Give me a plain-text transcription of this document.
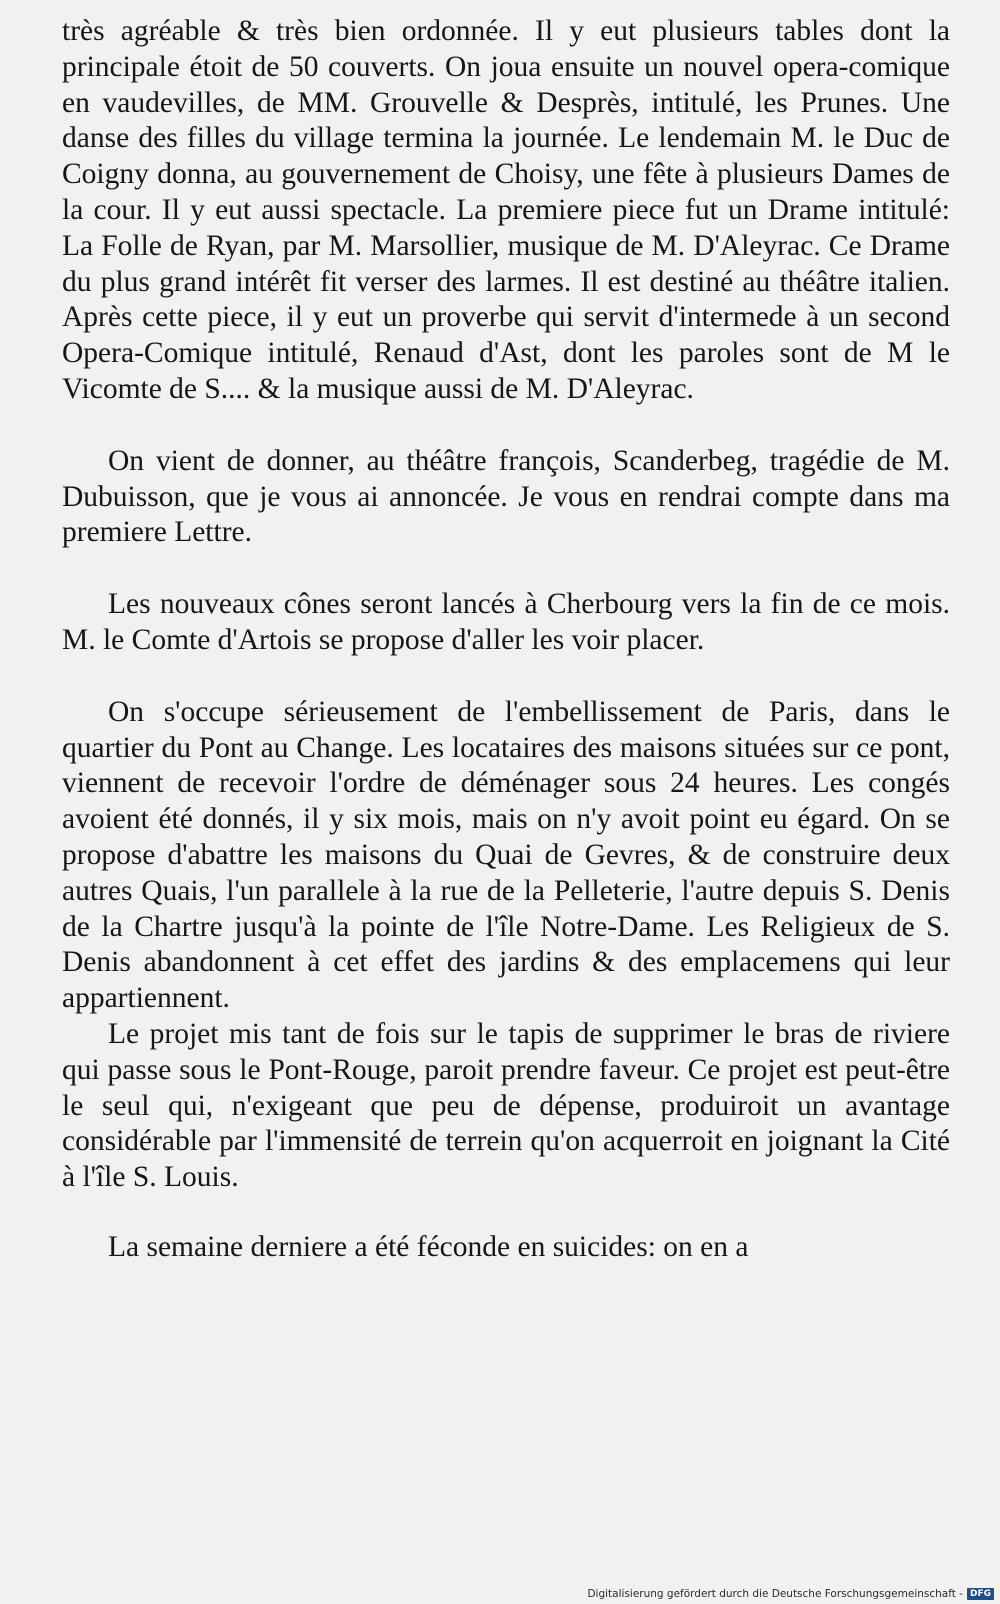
très agréable & très bien ordonnée. Il y eut plusieurs tables dont la principale étoit de 50 couverts. On joua ensuite un nouvel opera-comique en vaudevilles, de MM. Grouvelle & Desprès, intitulé, les Prunes. Une danse des filles du village termina la journée. Le lendemain M. le Duc de Coigny donna, au gouvernement de Choisy, une fête à plusieurs Dames de la cour. Il y eut aussi spectacle. La premiere piece fut un Drame intitulé: La Folle de Ryan, par M. Marsollier, musique de M. D'Aleyrac. Ce Drame du plus grand intérêt fit verser des larmes. Il est destiné au théâtre italien. Après cette piece, il y eut un proverbe qui servit d'intermede à un second Opera-Comique intitulé, Renaud d'Ast, dont les paroles sont de M le Vicomte de S.... & la musique aussi de M. D'Aleyrac.

On vient de donner, au théâtre françois, Scanderbeg, tragédie de M. Dubuisson, que je vous ai annoncée. Je vous en rendrai compte dans ma premiere Lettre.

Les nouveaux cônes seront lancés à Cherbourg vers la fin de ce mois. M. le Comte d'Artois se propose d'aller les voir placer.

On s'occupe sérieusement de l'embellissement de Paris, dans le quartier du Pont au Change. Les locataires des maisons situées sur ce pont, viennent de recevoir l'ordre de déménager sous 24 heures. Les congés avoient été donnés, il y six mois, mais on n'y avoit point eu égard. On se propose d'abattre les maisons du Quai de Gevres, & de construire deux autres Quais, l'un parallele à la rue de la Pelleterie, l'autre depuis S. Denis de la Chartre jusqu'à la pointe de l'île Notre-Dame. Les Religieux de S. Denis abandonnent à cet effet des jardins & des emplacemens qui leur appartiennent.

Le projet mis tant de fois sur le tapis de supprimer le bras de riviere qui passe sous le Pont-Rouge, paroit prendre faveur. Ce projet est peut-être le seul qui, n'exigeant que peu de dépense, produiroit un avantage considérable par l'immensité de terrein qu'on acquerroit en joignant la Cité à l'île S. Louis.

La semaine derniere a été féconde en suicides: on en a

Digitalisierung gefördert durch die Deutsche Forschungsgemeinschaft - DFG
